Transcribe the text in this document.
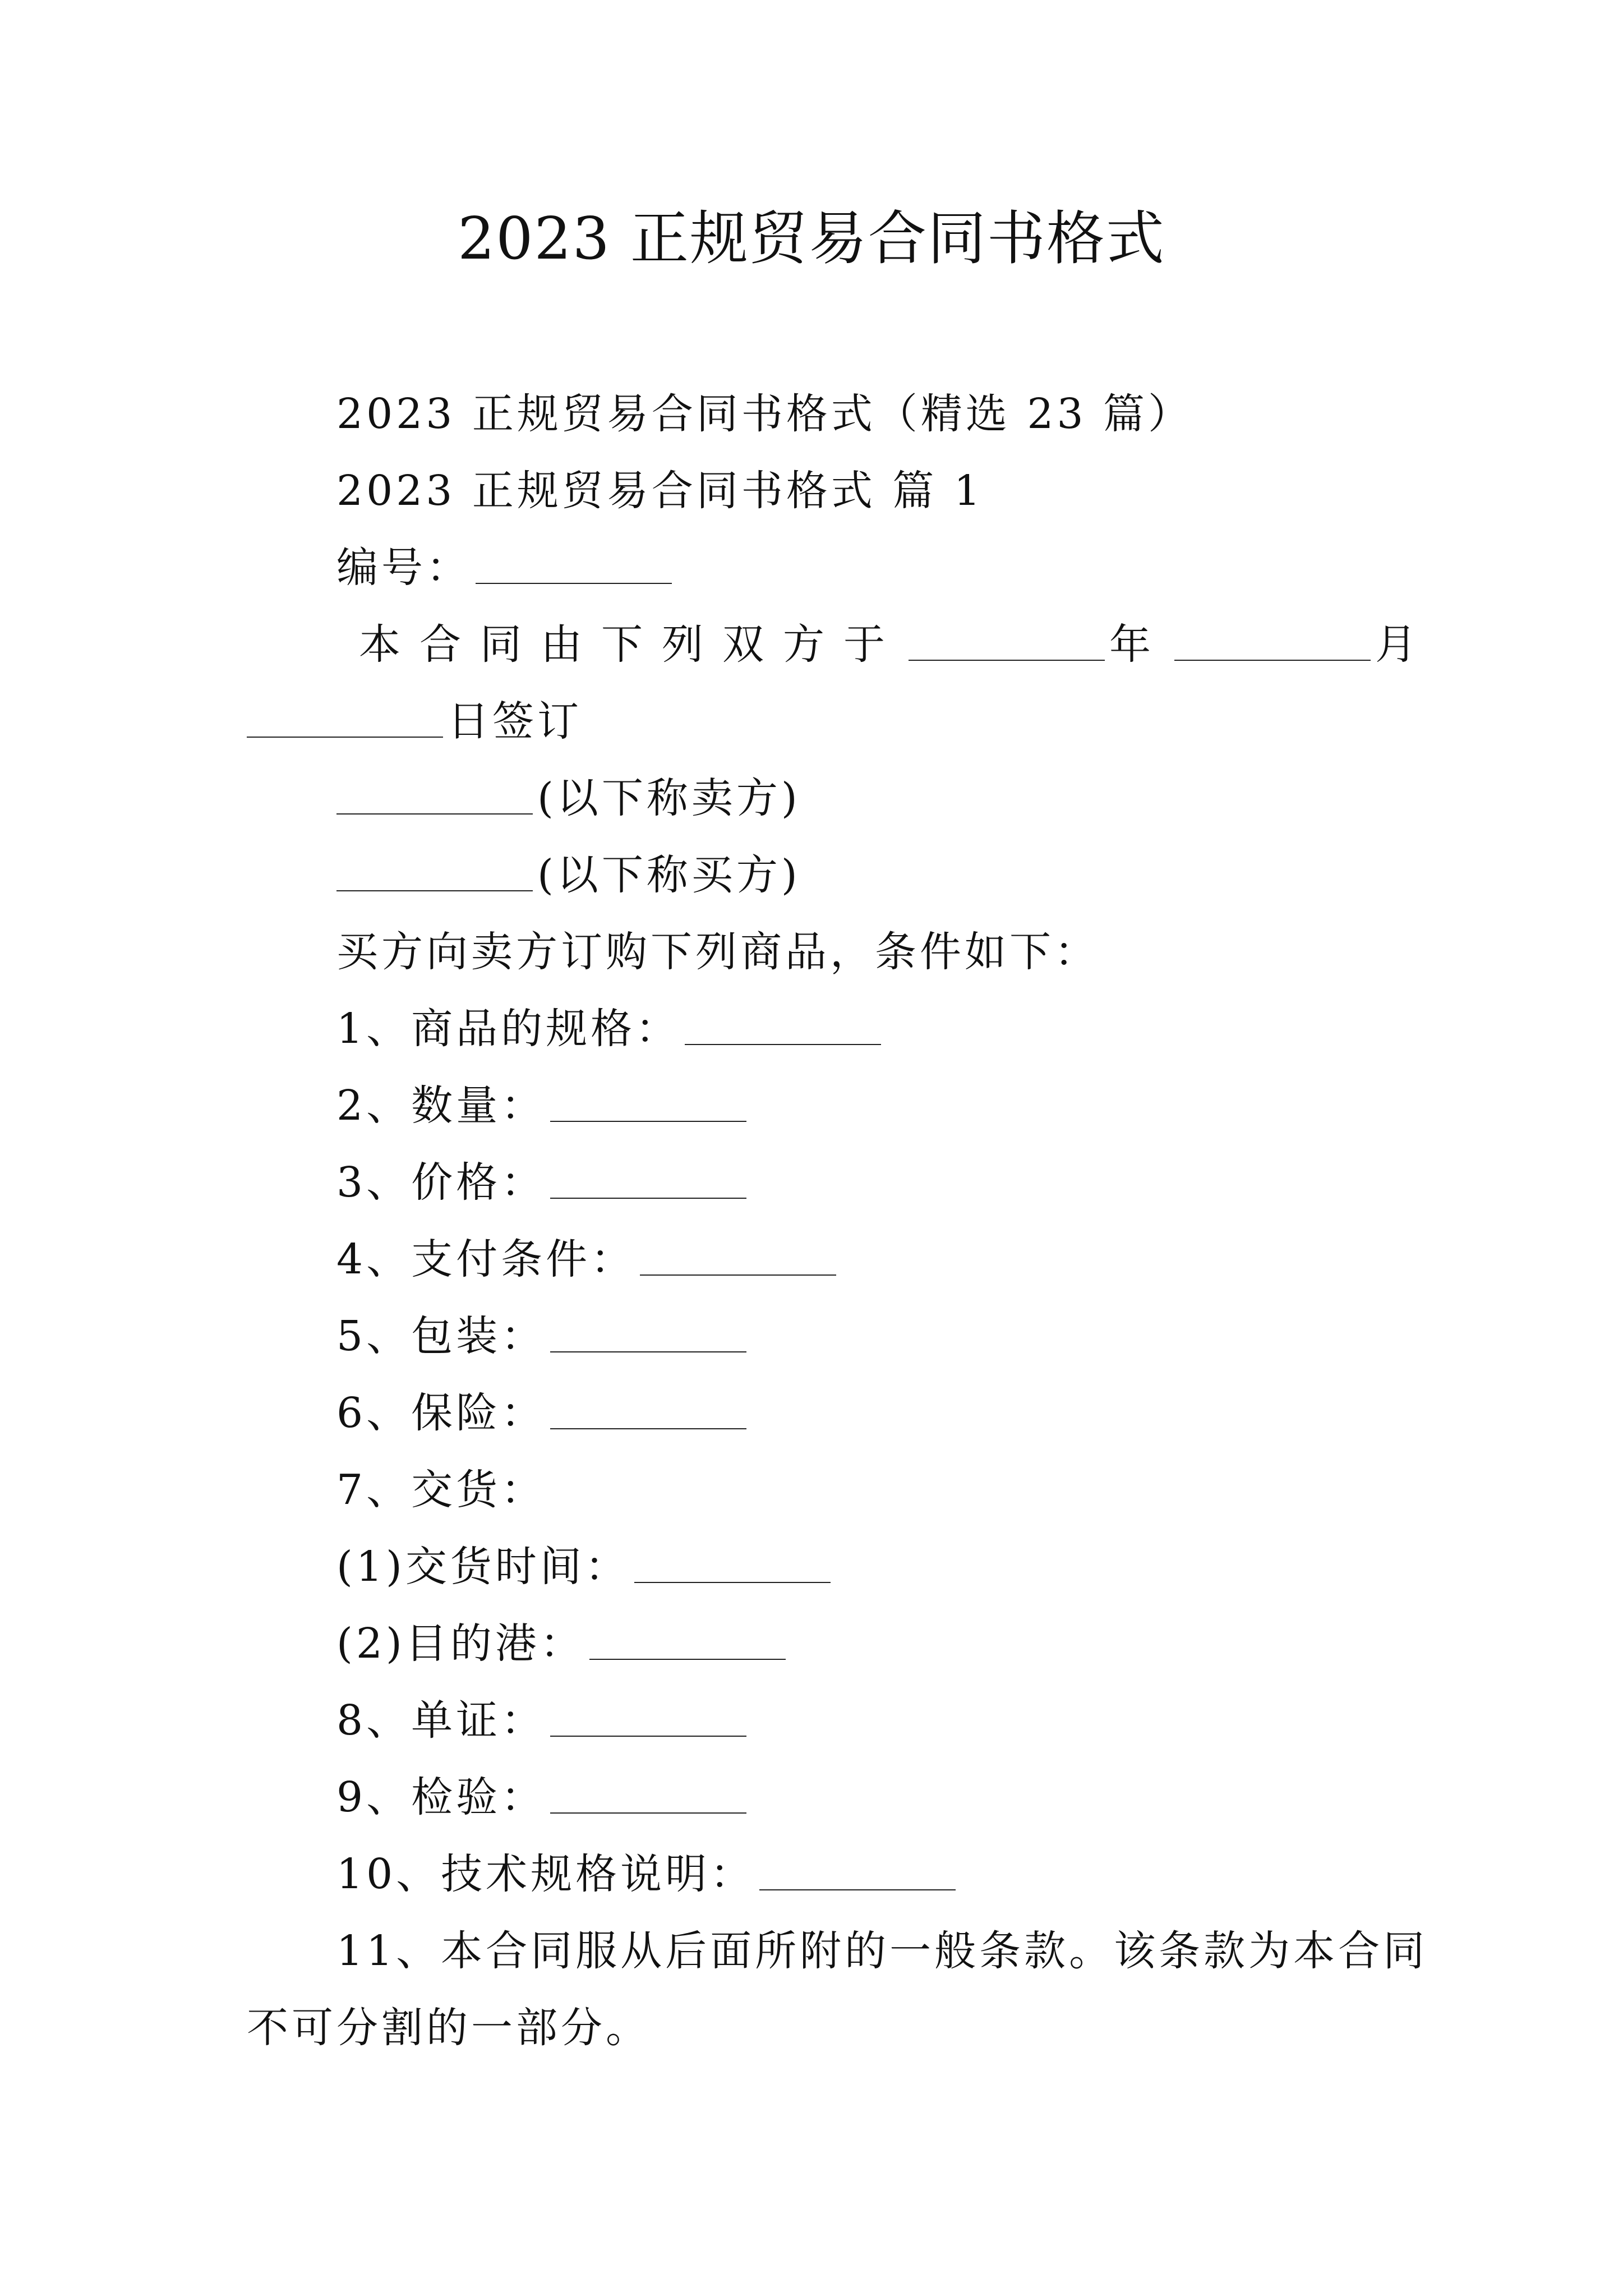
2023 正规贸易合同书格式
2023 正规贸易合同书格式（精选 23 篇）
2023 正规贸易合同书格式 篇 1
编号：
本合同由下列双方于	年	月
日签订
(以下称卖方)
(以下称买方)
买方向卖方订购下列商品，条件如下：
1、商品的规格：
2、数量：
3、价格：
4、支付条件：
5、包装：
6、保险：
7、交货：
(1)交货时间：
(2)目的港：
8、单证：
9、检验：
10、技术规格说明：
11、本合同服从后面所附的一般条款。该条款为本合同
不可分割的一部分。
